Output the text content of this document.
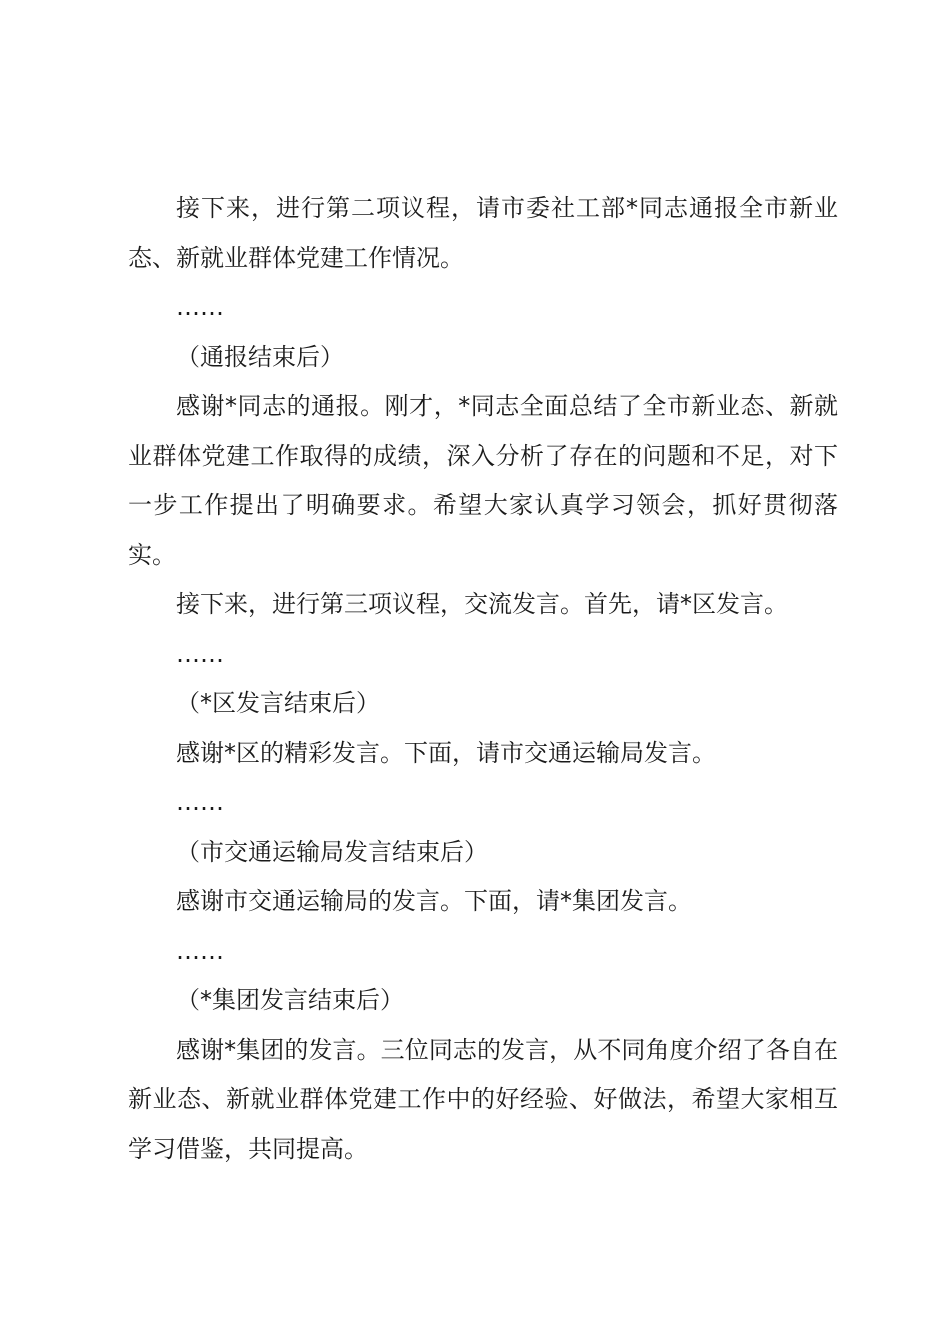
接下来，进行第二项议程，请市委社工部*同志通报全市新业态、新就业群体党建工作情况。

……

（通报结束后）

感谢*同志的通报。刚才，*同志全面总结了全市新业态、新就业群体党建工作取得的成绩，深入分析了存在的问题和不足，对下一步工作提出了明确要求。希望大家认真学习领会，抓好贯彻落实。

接下来，进行第三项议程，交流发言。首先，请*区发言。

……

（*区发言结束后）

感谢*区的精彩发言。下面，请市交通运输局发言。

……

（市交通运输局发言结束后）

感谢市交通运输局的发言。下面，请*集团发言。

……

（*集团发言结束后）

感谢*集团的发言。三位同志的发言，从不同角度介绍了各自在新业态、新就业群体党建工作中的好经验、好做法，希望大家相互学习借鉴，共同提高。
